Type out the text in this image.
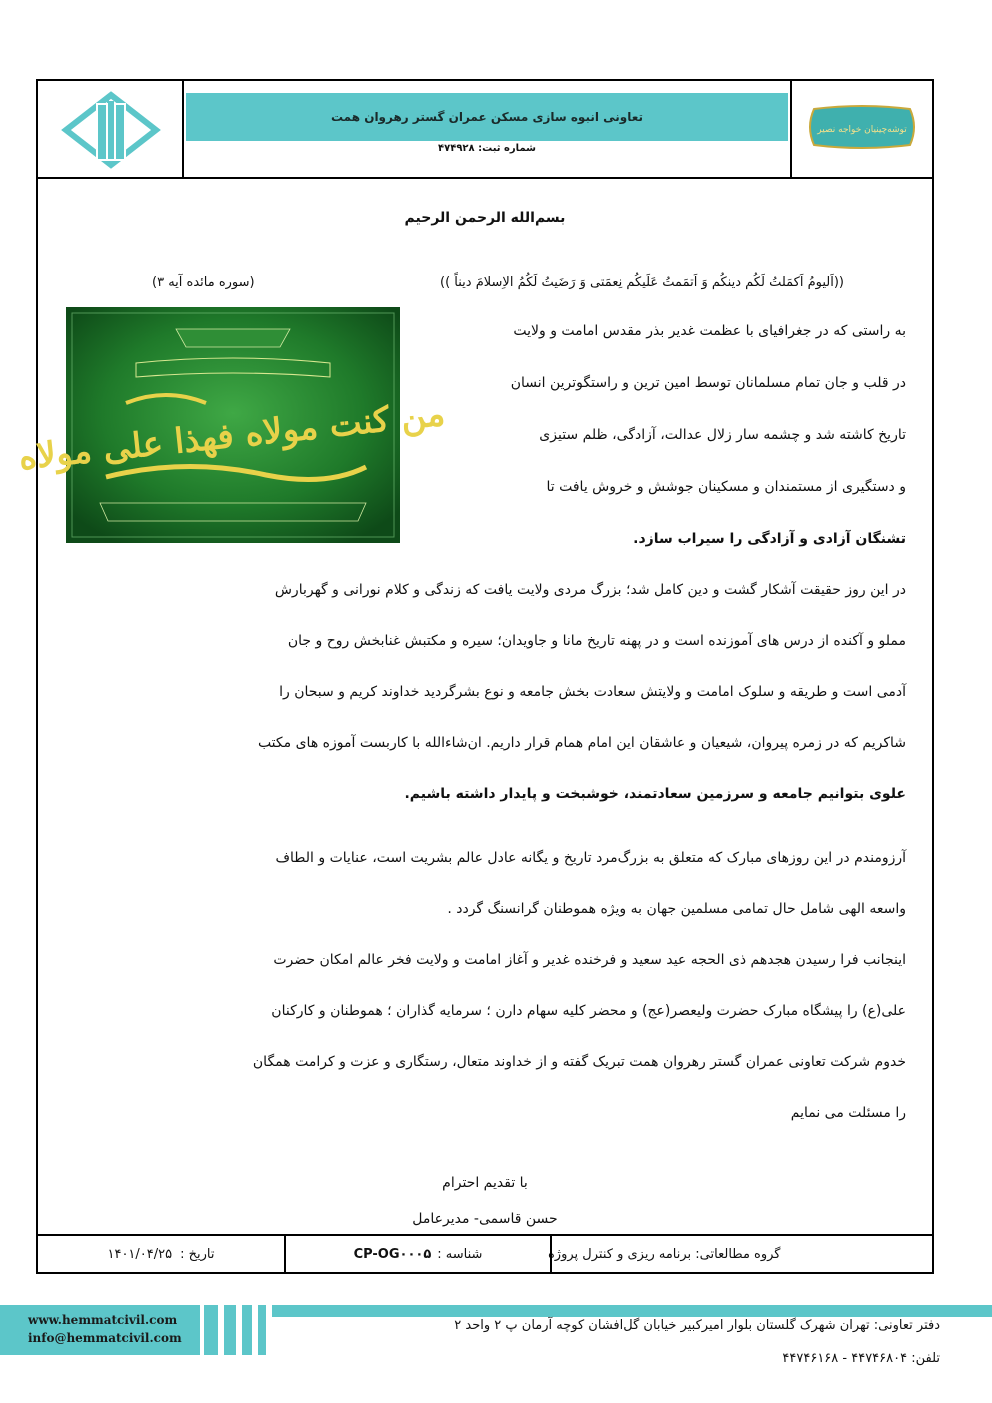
تعاونی انبوه سازی مسکن عمران گستر رهروان همت
شماره ثبت: ۴۷۴۹۲۸
توشه‌چینیان خواجه نصیر
بسم‌الله الرحمن الرحیم
(سوره مائده آیه ۳)	((اَلیومُ اَکمَلتُ لَکُم دینکُم وَ اَتمَمتُ عَلَیکُم نِعمَتی وَ رَضَیتُ لَکُمُ الاِسلامَ دیناً ))

به راستی که در جغرافیای با عظمت غدیر بذر مقدس امامت و ولایت

در قلب و جان تمام مسلمانان توسط امین ترین و راستگوترین انسان

تاریخ کاشته شد و چشمه سار زلال عدالت، آزادگی، ظلم ستیزی

و دستگیری از مستمندان و مسکینان جوشش و خروش یافت تا

تشنگان آزادی و آزادگی را سیراب سازد.

من کنت مولاه فهذا علی مولاه

در این روز حقیقت آشکار گشت و دین کامل شد؛ بزرگ مردی ولایت یافت که زندگی و کلام نورانی و گهربارش

مملو و آکنده از درس های آموزنده است و در پهنه تاریخ مانا و جاویدان؛ سیره و مکتبش غنابخش روح و جان

آدمی است و طریقه و سلوک امامت و ولایتش سعادت بخش جامعه و نوع بشرگردید خداوند کریم و سبحان را

شاکریم که در زمره پیروان، شیعیان و عاشقان این امام همام قرار داریم. ان‌شاءالله با کاربست آموزه های مکتب

علوی بتوانیم جامعه و سرزمین سعادتمند، خوشبخت و پایدار داشته باشیم.

آرزومندم در این روزهای مبارک که متعلق به بزرگ‌مرد تاریخ و یگانه عادل عالم بشریت است، عنایات و الطاف

واسعه الهی شامل حال تمامی مسلمین جهان به ویژه هموطنان گرانسنگ گردد .

اینجانب فرا رسیدن هجدهم ذی الحجه عید سعید و فرخنده غدیر و آغاز امامت و ولایت فخر عالم امکان حضرت

علی(ع) را پیشگاه مبارک حضرت ولیعصر(عج) و محضر کلیه سهام دارن ؛ سرمایه گذاران ؛ هموطنان و کارکنان

خدوم شرکت تعاونی عمران گستر رهروان همت تبریک گفته و از خداوند متعال، رستگاری و عزت و کرامت همگان

را مسئلت می نمایم

با تقدیم احترام
حسن قاسمی- مدیرعامل
گروه مطالعاتی: برنامه ریزی و کنترل پروژه
CP-OG۰۰۰۵ شناسه :
۱۴۰۱/۰۴/۲۵ تاریخ :
www.hemmatcivil.com
info@hemmatcivil.com
دفتر تعاونی: تهران شهرک گلستان بلوار امیرکبیر خیابان گل‌افشان کوچه آرمان پ ۲ واحد ۲
تلفن: ۴۴۷۴۶۸۰۴ - ۴۴۷۴۶۱۶۸
